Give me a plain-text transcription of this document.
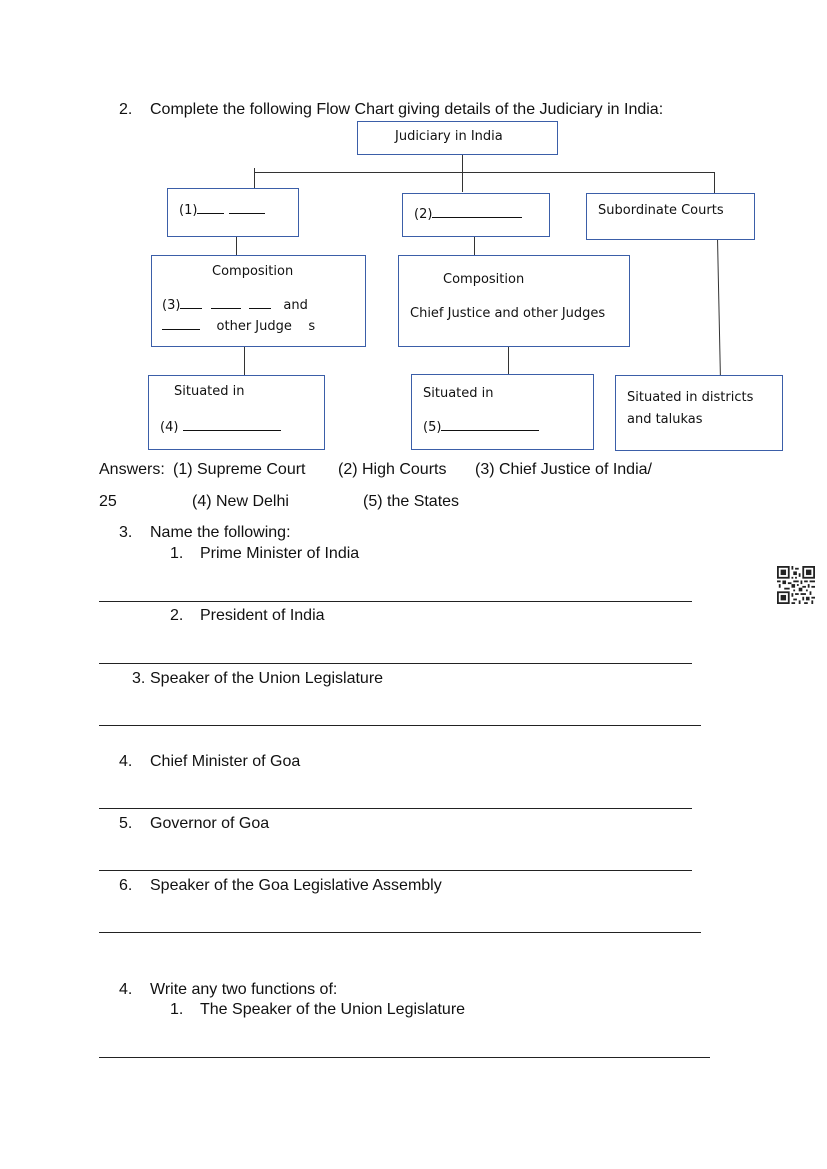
2. Complete the following Flow Chart giving details of the Judiciary in India:
Judiciary in India
(1)	(2)	Subordinate Courts
Composition
(3)	and
other Judge s
Composition
Chief Justice and other Judges
Situated in
(4)
Situated in
(5)
Situated in districts
and talukas
Answers: (1) Supreme Court (2) High Courts (3) Chief Justice of India/
25	(4) New Delhi	(5) the States
3. Name the following:
1. Prime Minister of India
2. President of India
3. Speaker of the Union Legislature
4. Chief Minister of Goa
5. Governor of Goa
6. Speaker of the Goa Legislative Assembly
4. Write any two functions of:
1. The Speaker of the Union Legislature
